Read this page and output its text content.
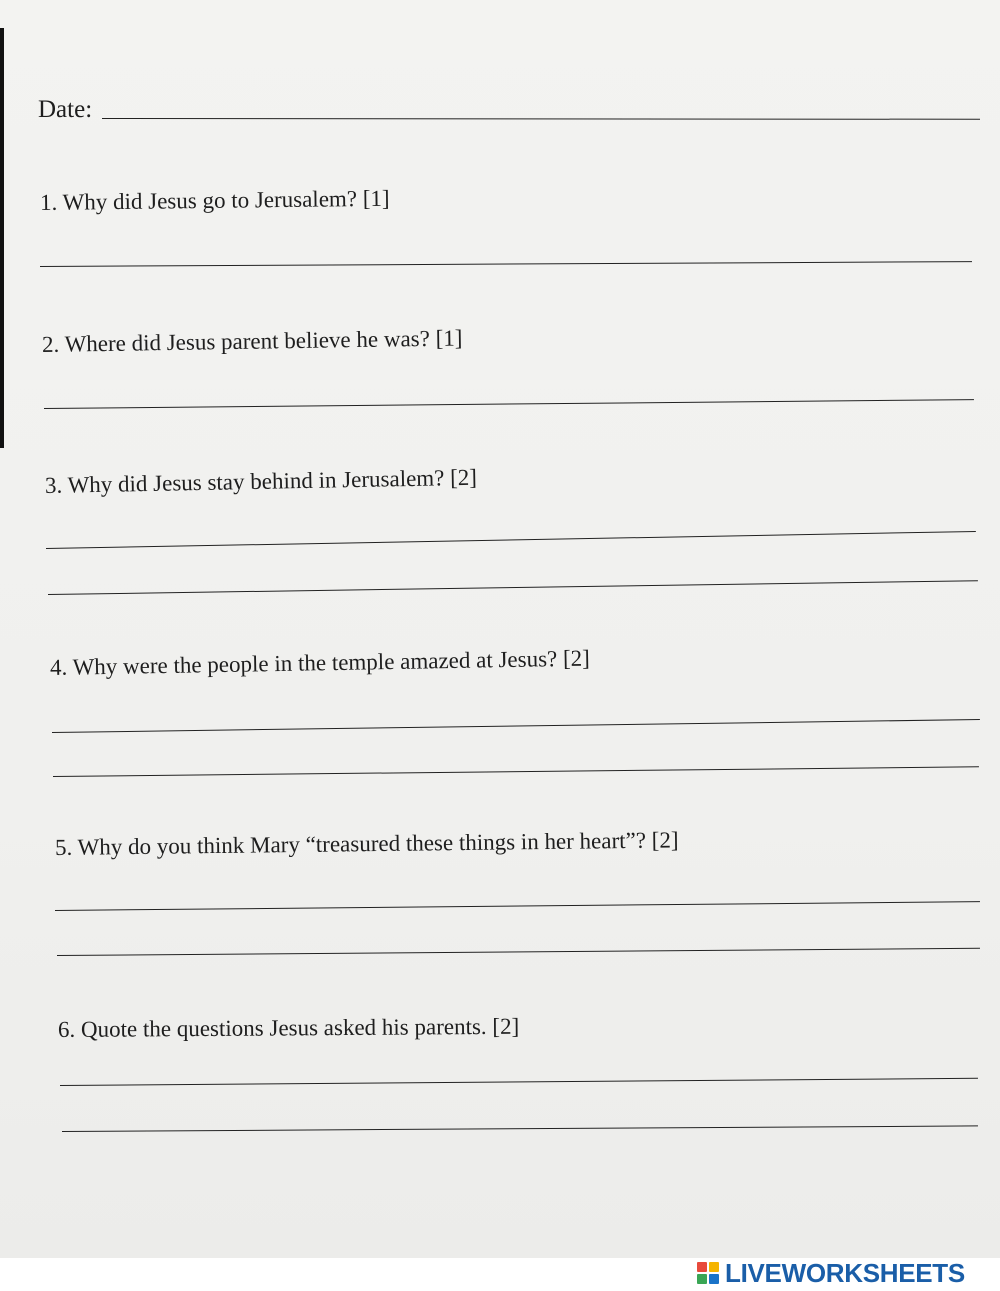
Date:
1. Why did Jesus go to Jerusalem? [1]
2. Where did Jesus parent believe he was? [1]
3. Why did Jesus stay behind in Jerusalem? [2]
4. Why were the people in the temple amazed at Jesus? [2]
5. Why do you think Mary “treasured these things in her heart”? [2]
6. Quote the questions Jesus asked his parents. [2]
LIVEWORKSHEETS
